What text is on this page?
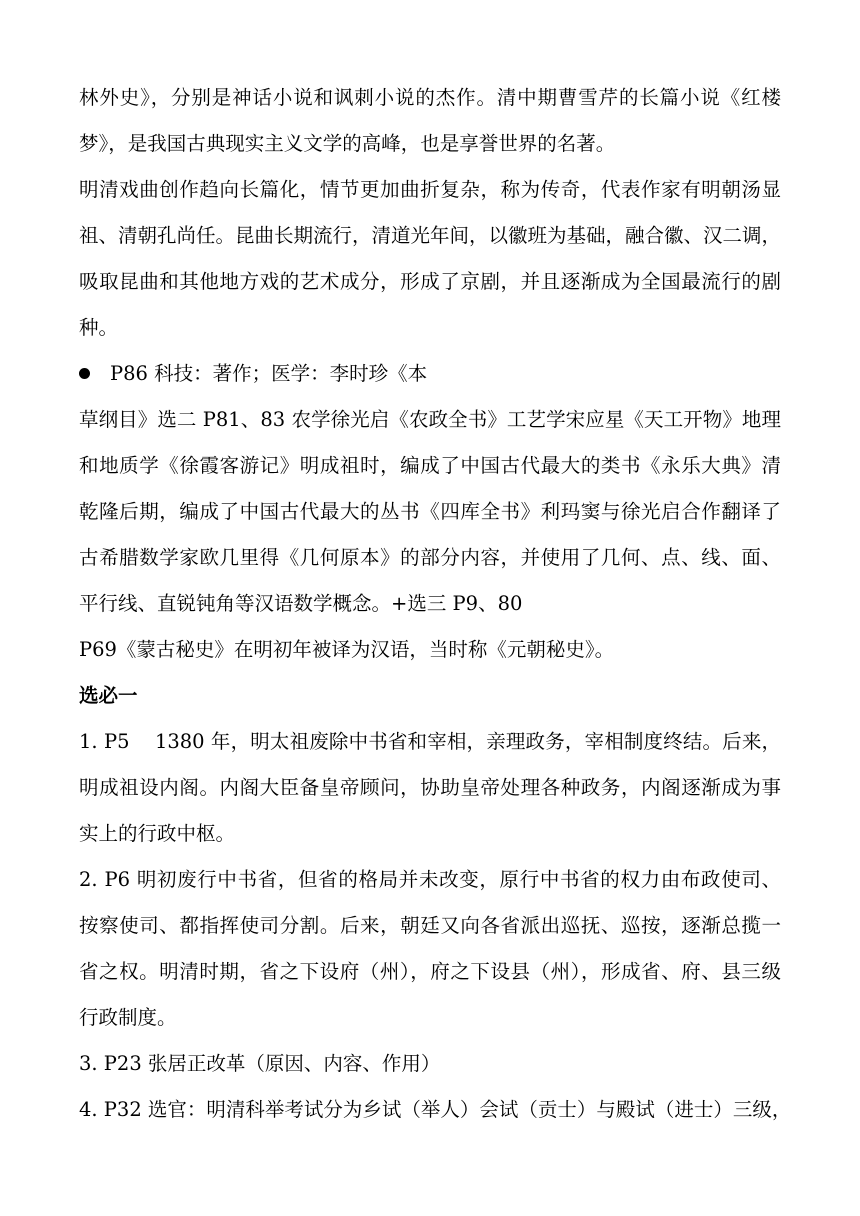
林外史》，分别是神话小说和讽刺小说的杰作。清中期曹雪芹的长篇小说《红楼
梦》，是我国古典现实主义文学的高峰，也是享誉世界的名著。
明清戏曲创作趋向长篇化，情节更加曲折复杂，称为传奇，代表作家有明朝汤显
祖、清朝孔尚任。昆曲长期流行，清道光年间，以徽班为基础，融合徽、汉二调，
吸取昆曲和其他地方戏的艺术成分，形成了京剧，并且逐渐成为全国最流行的剧
种。
P86 科技：著作；医学：李时珍《本
草纲目》选二 P81、83 农学徐光启《农政全书》工艺学宋应星《天工开物》地理
和地质学《徐霞客游记》明成祖时，编成了中国古代最大的类书《永乐大典》清
乾隆后期，编成了中国古代最大的丛书《四库全书》利玛窦与徐光启合作翻译了
古希腊数学家欧几里得《几何原本》的部分内容，并使用了几何、点、线、面、
平行线、直锐钝角等汉语数学概念。+选三 P9、80
P69《蒙古秘史》在明初年被译为汉语，当时称《元朝秘史》。
选必一
1. P5    1380 年，明太祖废除中书省和宰相，亲理政务，宰相制度终结。后来，
明成祖设内阁。内阁大臣备皇帝顾问，协助皇帝处理各种政务，内阁逐渐成为事
实上的行政中枢。
2. P6 明初废行中书省，但省的格局并未改变，原行中书省的权力由布政使司、
按察使司、都指挥使司分割。后来，朝廷又向各省派出巡抚、巡按，逐渐总揽一
省之权。明清时期，省之下设府（州），府之下设县（州），形成省、府、县三级
行政制度。
3. P23 张居正改革（原因、内容、作用）
4. P32 选官：明清科举考试分为乡试（举人）会试（贡士）与殿试（进士）三级，
